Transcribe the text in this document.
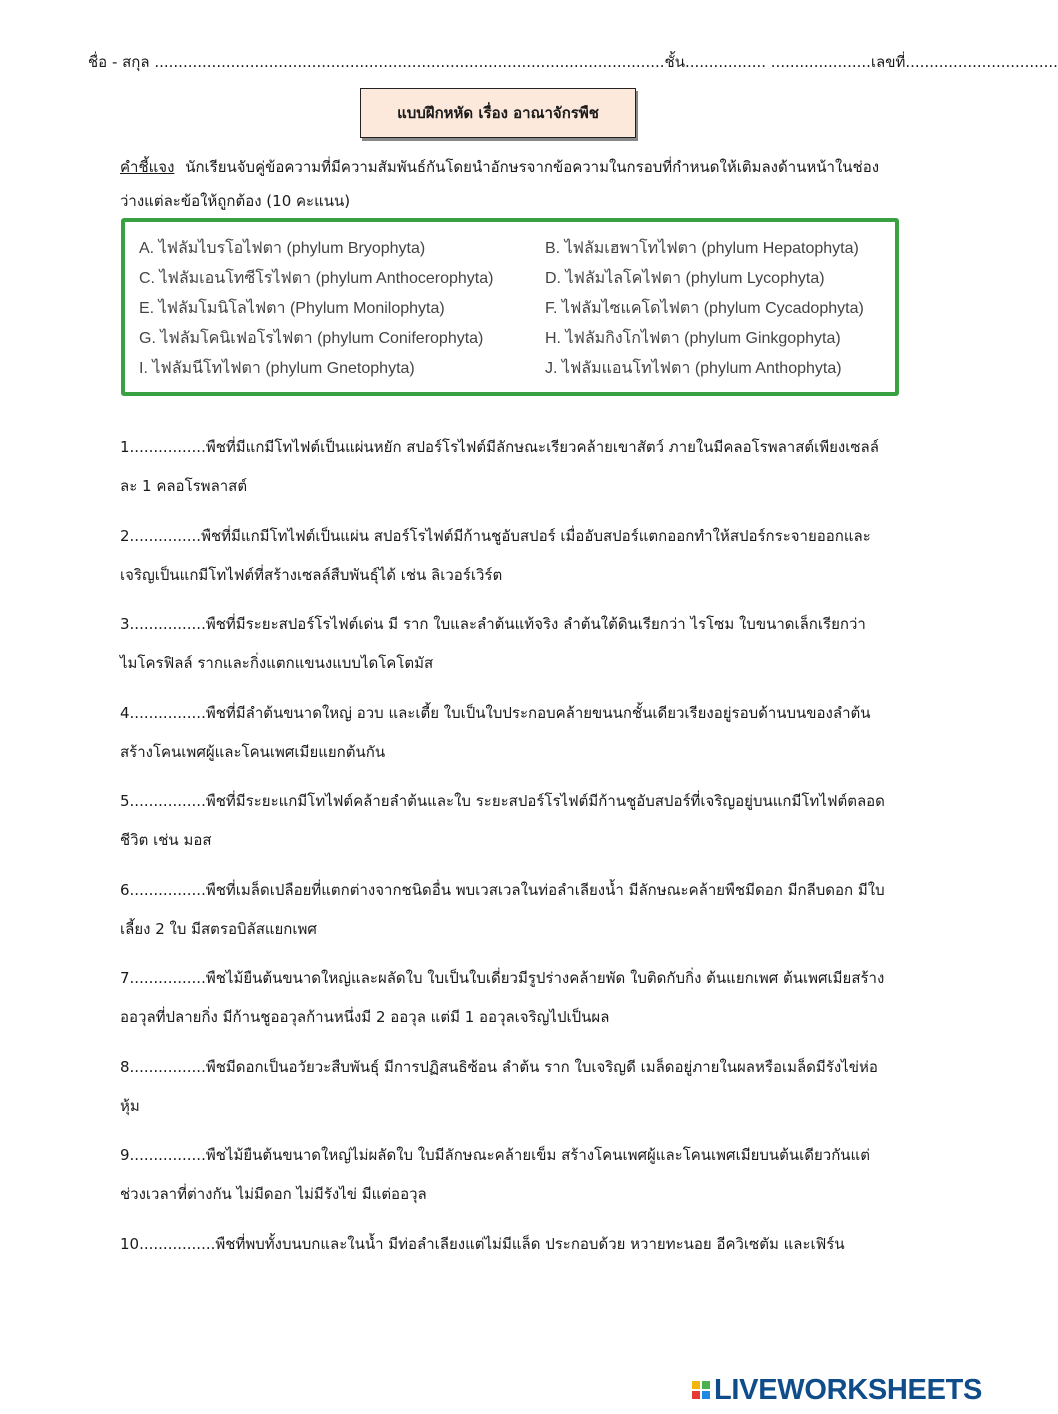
ชื่อ - สกุล ...........................................................................................................ชั้น................. .....................เลขที่................................
แบบฝึกหหัด เรื่อง อาณาจักรพืช
คำชี้แจง นักเรียนจับคู่ข้อความที่มีความสัมพันธ์กันโดยนำอักษรจากข้อความในกรอบที่กำหนดให้เติมลงด้านหน้าในช่องว่างแต่ละข้อให้ถูกต้อง (10 คะแนน)
A. ไฟลัมไบรโอไฟตา (phylum Bryophyta)	B. ไฟลัมเฮพาโทไฟตา (phylum Hepatophyta)
C. ไฟลัมเอนโทซีโรไฟตา (phylum Anthocerophyta)	D. ไฟลัมไลโคไฟตา (phylum Lycophyta)
E. ไฟลัมโมนิโลไฟตา (Phylum Monilophyta)	F. ไฟลัมไซแคโดไฟตา (phylum Cycadophyta)
G. ไฟลัมโคนิเฟอโรไฟตา (phylum Coniferophyta)	H. ไฟลัมกิงโกไฟตา (phylum Ginkgophyta)
I. ไฟลัมนีโทไฟตา (phylum Gnetophyta)	J. ไฟลัมแอนโทไฟตา (phylum Anthophyta)
1................พืชที่มีแกมีโทไฟต์เป็นแผ่นหยัก สปอร์โรไฟต์มีลักษณะเรียวคล้ายเขาสัตว์ ภายในมีคลอโรพลาสต์เพียงเซลล์ละ 1 คลอโรพลาสต์
2...............พืชที่มีแกมีโทไฟต์เป็นแผ่น สปอร์โรไฟต์มีก้านชูอับสปอร์ เมื่ออับสปอร์แตกออกทำให้สปอร์กระจายออกและเจริญเป็นแกมีโทไฟต์ที่สร้างเซลล์สืบพันธุ์ได้ เช่น ลิเวอร์เวิร์ต
3................พืชที่มีระยะสปอร์โรไฟต์เด่น มี ราก ใบและลำต้นแท้จริง ลำต้นใต้ดินเรียกว่า ไรโซม ใบขนาดเล็กเรียกว่า ไมโครฟิลล์ รากและกิ่งแตกแขนงแบบไดโคโตมัส
4................พืชที่มีลำต้นขนาดใหญ่ อวบ และเตี้ย ใบเป็นใบประกอบคล้ายขนนกชั้นเดียวเรียงอยู่รอบด้านบนของลำต้น สร้างโคนเพศผู้และโคนเพศเมียแยกต้นกัน
5................พืชที่มีระยะแกมีโทไฟต์คล้ายลำต้นและใบ ระยะสปอร์โรไฟต์มีก้านชูอับสปอร์ที่เจริญอยู่บนแกมีโทไฟต์ตลอดชีวิต เช่น มอส
6................พืชที่เมล็ดเปลือยที่แตกต่างจากชนิดอื่น พบเวสเวลในท่อลำเลียงน้ำ มีลักษณะคล้ายพืชมีดอก มีกลีบดอก มีใบเลี้ยง 2 ใบ มีสตรอบิลัสแยกเพศ
7................พืชไม้ยืนต้นขนาดใหญ่และผลัดใบ ใบเป็นใบเดี่ยวมีรูปร่างคล้ายพัด ใบติดกับกิ่ง ต้นแยกเพศ ต้นเพศเมียสร้างออวุลที่ปลายกิ่ง มีก้านชูออวุลก้านหนึ่งมี 2 ออวุล แต่มี 1 ออวุลเจริญไปเป็นผล
8................พืชมีดอกเป็นอวัยวะสืบพันธุ์ มีการปฏิสนธิซ้อน ลำต้น ราก ใบเจริญดี เมล็ดอยู่ภายในผลหรือเมล็ดมีรังไข่ห่อหุ้ม
9................พืชไม้ยืนต้นขนาดใหญ่ไม่ผลัดใบ ใบมีลักษณะคล้ายเข็ม สร้างโคนเพศผู้และโคนเพศเมียบนต้นเดียวกันแต่ช่วงเวลาที่ต่างกัน ไม่มีดอก ไม่มีรังไข่ มีแต่ออวุล
10................พืชที่พบทั้งบนบกและในน้ำ มีท่อลำเลียงแต่ไม่มีแล็ด ประกอบด้วย หวายทะนอย อีควิเซตัม และเฟิร์น
LIVEWORKSHEETS
